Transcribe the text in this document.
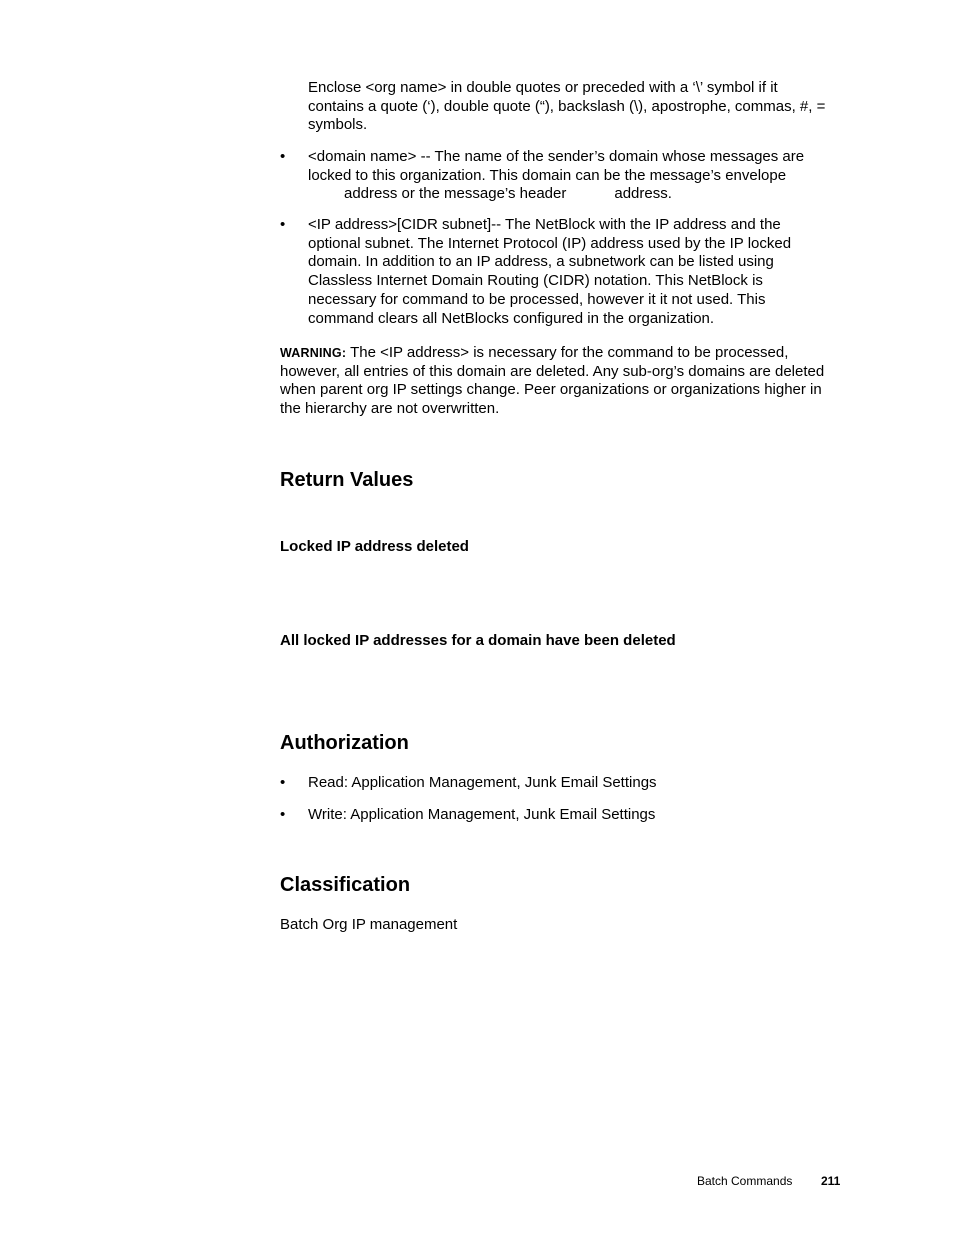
Enclose <org name> in double quotes or preceded with a ‘\’ symbol if it
contains a quote (‘), double quote (“), backslash (\), apostrophe, commas, #, =
symbols.
• <domain name> -- The name of the sender’s domain whose messages are
locked to this organization. This domain can be the message’s envelope
address or the message’s header	address.
• <IP address>[CIDR subnet]-- The NetBlock with the IP address and the
optional subnet. The Internet Protocol (IP) address used by the IP locked
domain. In addition to an IP address, a subnetwork can be listed using
Classless Internet Domain Routing (CIDR) notation. This NetBlock is
necessary for command to be processed, however it it not used. This
command clears all NetBlocks configured in the organization.
WARNING: The <IP address> is necessary for the command to be processed,
however, all entries of this domain are deleted. Any sub-org’s domains are deleted
when parent org IP settings change. Peer organizations or organizations higher in
the hierarchy are not overwritten.
Return Values
Locked IP address deleted
All locked IP addresses for a domain have been deleted
Authorization
• Read: Application Management, Junk Email Settings
• Write: Application Management, Junk Email Settings
Classification
Batch Org IP management
Batch Commands 211
